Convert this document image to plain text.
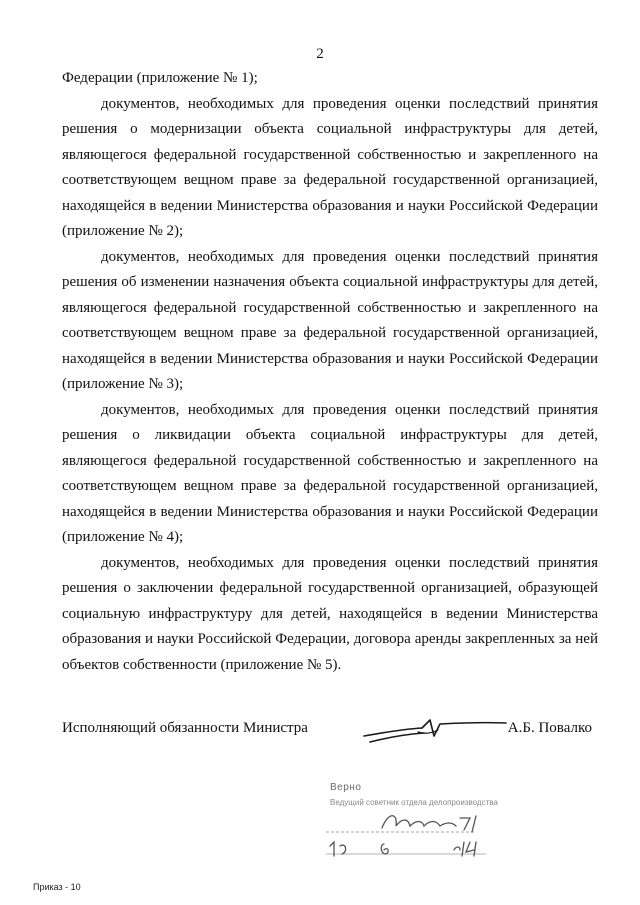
2

Федерации (приложение № 1);

документов, необходимых для проведения оценки последствий принятия решения о модернизации объекта социальной инфраструктуры для детей, являющегося федеральной государственной собственностью и закрепленного на соответствующем вещном праве за федеральной государственной организацией, находящейся в ведении Министерства образования и науки Российской Федерации (приложение № 2);

документов, необходимых для проведения оценки последствий принятия решения об изменении назначения объекта социальной инфраструктуры для детей, являющегося федеральной государственной собственностью и закрепленного на соответствующем вещном праве за федеральной государственной организацией, находящейся в ведении Министерства образования и науки Российской Федерации (приложение № 3);

документов, необходимых для проведения оценки последствий принятия решения о ликвидации объекта социальной инфраструктуры для детей, являющегося федеральной государственной собственностью и закрепленного на соответствующем вещном праве за федеральной государственной организацией, находящейся в ведении Министерства образования и науки Российской Федерации (приложение № 4);

документов, необходимых для проведения оценки последствий принятия решения о заключении федеральной государственной организацией, образующей социальную инфраструктуру для детей, находящейся в ведении Министерства образования и науки Российской Федерации, договора аренды закрепленных за ней объектов собственности (приложение № 5).

Исполняющий обязанности Министра	А.Б. Повалко
Верно
Ведущий советник отдела делопроизводства
Приказ - 10
